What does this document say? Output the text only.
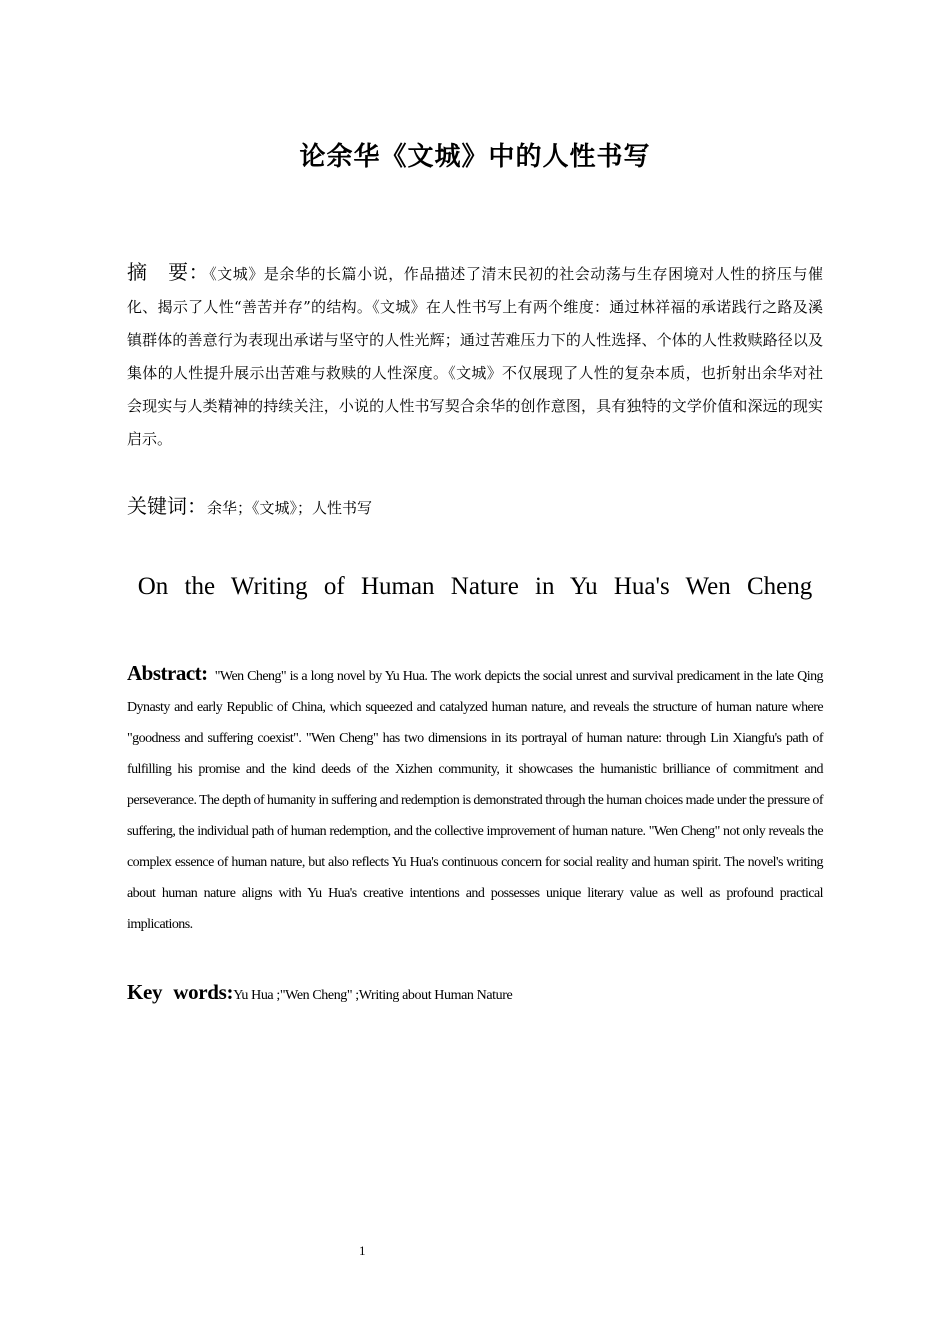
论余华《文城》中的人性书写
摘　要：《文城》是余华的长篇小说，作品描述了清末民初的社会动荡与生存困境对人性的挤压与催化、揭示了人性“善苦并存”的结构。《文城》在人性书写上有两个维度：通过林祥福的承诺践行之路及溪镇群体的善意行为表现出承诺与坚守的人性光辉；通过苦难压力下的人性选择、个体的人性救赎路径以及集体的人性提升展示出苦难与救赎的人性深度。《文城》不仅展现了人性的复杂本质，也折射出余华对社会现实与人类精神的持续关注，小说的人性书写契合余华的创作意图，具有独特的文学价值和深远的现实启示。
关键词：余华；《文城》；人性书写
On the Writing of Human Nature in Yu Hua's Wen Cheng
Abstract: "Wen Cheng" is a long novel by Yu Hua. The work depicts the social unrest and survival predicament in the late Qing Dynasty and early Republic of China, which squeezed and catalyzed human nature, and reveals the structure of human nature where "goodness and suffering coexist". "Wen Cheng" has two dimensions in its portrayal of human nature: through Lin Xiangfu's path of fulfilling his promise and the kind deeds of the Xizhen community, it showcases the humanistic brilliance of commitment and perseverance. The depth of humanity in suffering and redemption is demonstrated through the human choices made under the pressure of suffering, the individual path of human redemption, and the collective improvement of human nature. "Wen Cheng" not only reveals the complex essence of human nature, but also reflects Yu Hua's continuous concern for social reality and human spirit. The novel's writing about human nature aligns with Yu Hua's creative intentions and possesses unique literary value as well as profound practical implications.
Key words:Yu Hua ;"Wen Cheng" ;Writing about Human Nature
1
